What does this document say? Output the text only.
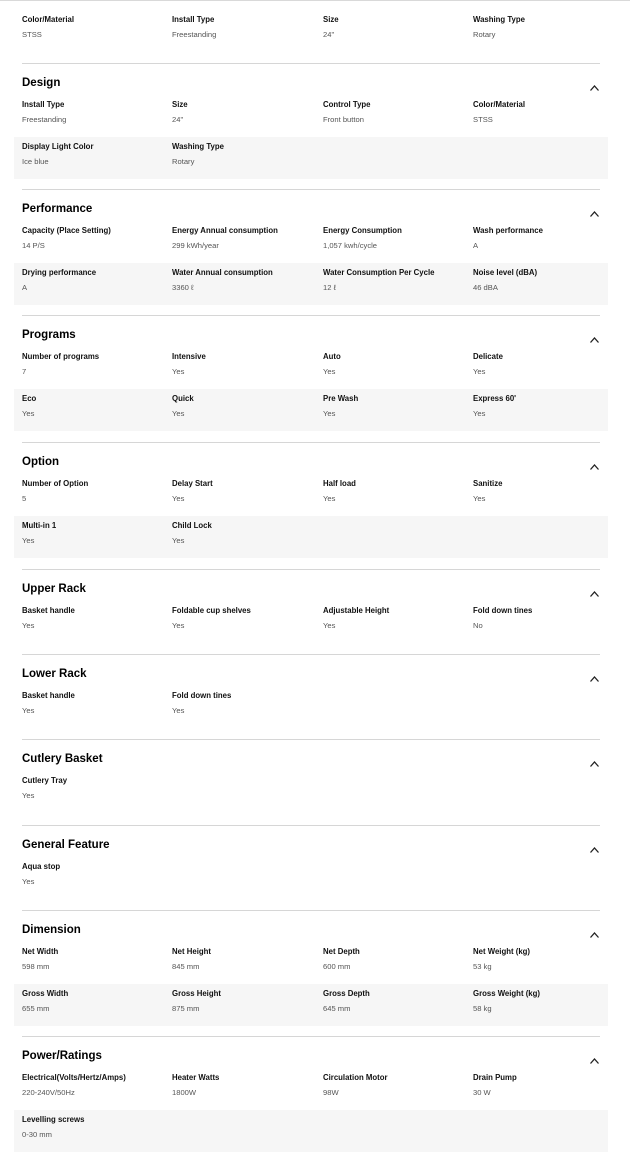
Color/Material
STSS
Install Type
Freestanding
Size
24"
Washing Type
Rotary
Design
Install Type
Freestanding
Size
24"
Control Type
Front button
Color/Material
STSS
Display Light Color
Ice blue
Washing Type
Rotary
Performance
Capacity (Place Setting)
14 P/S
Energy Annual consumption
299 kWh/year
Energy Consumption
1,057 kwh/cycle
Wash performance
A
Drying performance
A
Water Annual consumption
3360 ℓ
Water Consumption Per Cycle
12 ℓ
Noise level (dBA)
46 dBA
Programs
Number of programs
7
Intensive
Yes
Auto
Yes
Delicate
Yes
Eco
Yes
Quick
Yes
Pre Wash
Yes
Express 60'
Yes
Option
Number of Option
5
Delay Start
Yes
Half load
Yes
Sanitize
Yes
Multi-in 1
Yes
Child Lock
Yes
Upper Rack
Basket handle
Yes
Foldable cup shelves
Yes
Adjustable Height
Yes
Fold down tines
No
Lower Rack
Basket handle
Yes
Fold down tines
Yes
Cutlery Basket
Cutlery Tray
Yes
General Feature
Aqua stop
Yes
Dimension
Net Width
598 mm
Net Height
845 mm
Net Depth
600 mm
Net Weight (kg)
53 kg
Gross Width
655 mm
Gross Height
875 mm
Gross Depth
645 mm
Gross Weight (kg)
58 kg
Power/Ratings
Electrical(Volts/Hertz/Amps)
220-240V/50Hz
Heater Watts
1800W
Circulation Motor
98W
Drain Pump
30 W
Levelling screws
0-30 mm
